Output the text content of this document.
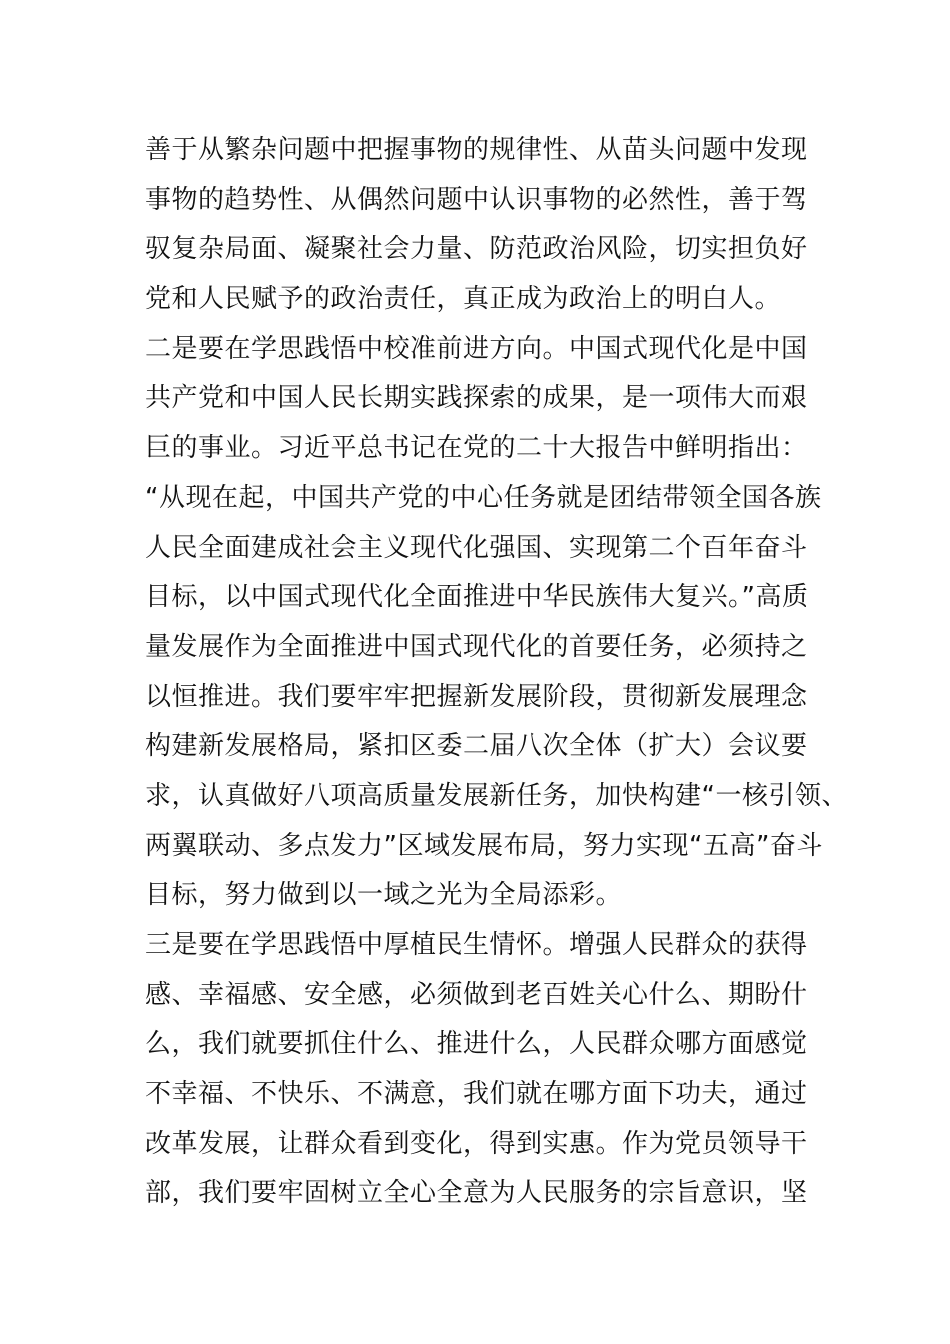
善于从繁杂问题中把握事物的规律性、从苗头问题中发现
事物的趋势性、从偶然问题中认识事物的必然性，善于驾
驭复杂局面、凝聚社会力量、防范政治风险，切实担负好
党和人民赋予的政治责任，真正成为政治上的明白人。
二是要在学思践悟中校准前进方向。中国式现代化是中国
共产党和中国人民长期实践探索的成果，是一项伟大而艰
巨的事业。习近平总书记在党的二十大报告中鲜明指出：
“从现在起，中国共产党的中心任务就是团结带领全国各族
人民全面建成社会主义现代化强国、实现第二个百年奋斗
目标，以中国式现代化全面推进中华民族伟大复兴。”高质
量发展作为全面推进中国式现代化的首要任务，必须持之
以恒推进。我们要牢牢把握新发展阶段，贯彻新发展理念
构建新发展格局，紧扣区委二届八次全体（扩大）会议要
求，认真做好八项高质量发展新任务，加快构建“一核引领、
两翼联动、多点发力”区域发展布局，努力实现“五高”奋斗
目标，努力做到以一域之光为全局添彩。
三是要在学思践悟中厚植民生情怀。增强人民群众的获得
感、幸福感、安全感，必须做到老百姓关心什么、期盼什
么，我们就要抓住什么、推进什么，人民群众哪方面感觉
不幸福、不快乐、不满意，我们就在哪方面下功夫，通过
改革发展，让群众看到变化，得到实惠。作为党员领导干
部，我们要牢固树立全心全意为人民服务的宗旨意识，坚
